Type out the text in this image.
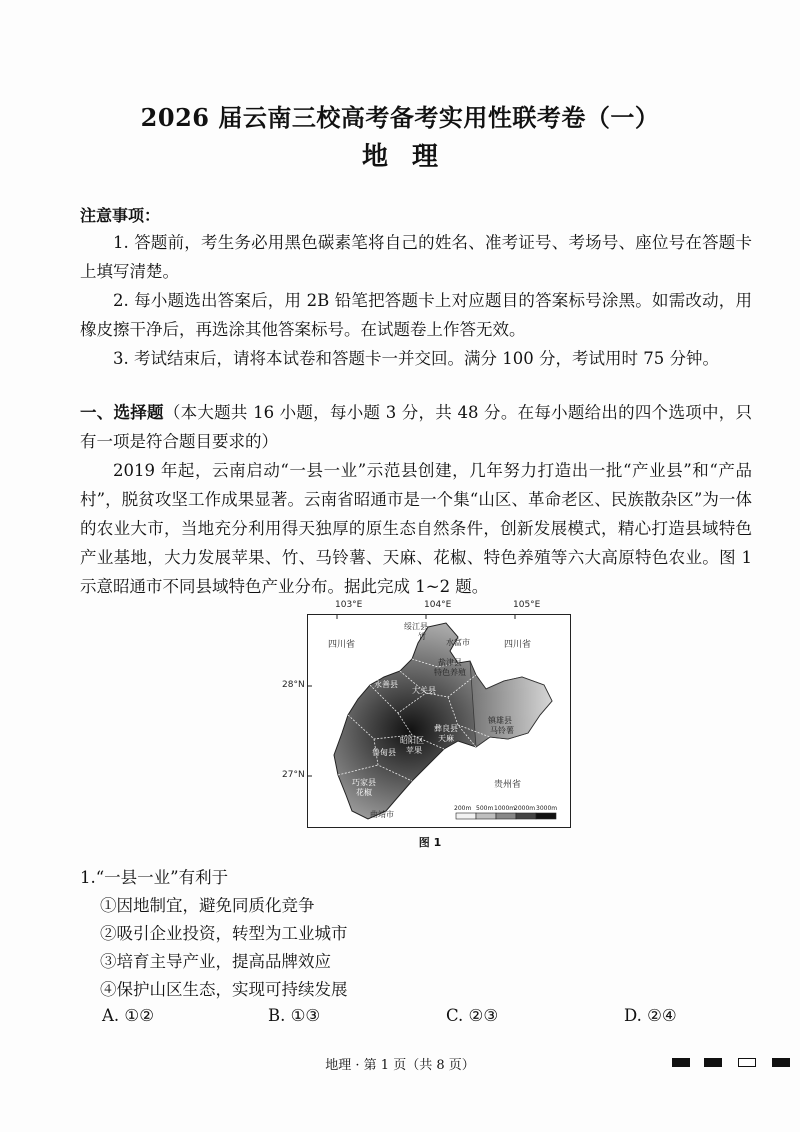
2026 届云南三校高考备考实用性联考卷（一）
地理
注意事项：
1. 答题前，考生务必用黑色碳素笔将自己的姓名、准考证号、考场号、座位号在答题卡上填写清楚。
2. 每小题选出答案后，用 2B 铅笔把答题卡上对应题目的答案标号涂黑。如需改动，用橡皮擦干净后，再选涂其他答案标号。在试题卷上作答无效。
3. 考试结束后，请将本试卷和答题卡一并交回。满分 100 分，考试用时 75 分钟。
一、选择题（本大题共 16 小题，每小题 3 分，共 48 分。在每小题给出的四个选项中，只有一项是符合题目要求的）
2019 年起，云南启动“一县一业”示范县创建，几年努力打造出一批“产业县”和“产品村”，脱贫攻坚工作成果显著。云南省昭通市是一个集“山区、革命老区、民族散杂区”为一体的农业大市，当地充分利用得天独厚的原生态自然条件，创新发展模式，精心打造县域特色产业基地，大力发展苹果、竹、马铃薯、天麻、花椒、特色养殖等六大高原特色农业。图 1 示意昭通市不同县域特色产业分布。据此完成 1~2 题。
103°E	104°E	105°E
28°N
27°N
四川省	四川省
贵州省
曲靖市
绥江县
竹
水富市
盐津县
特色养殖
永善县
大关县
彝良县
天麻
镇雄县
马铃薯
昭阳区
苹果
鲁甸县
巧家县
花椒
200m 500m 1000m
2000m 3000m
图 1
1.“一县一业”有利于
①因地制宜，避免同质化竞争
②吸引企业投资，转型为工业城市
③培育主导产业，提高品牌效应
④保护山区生态，实现可持续发展
A. ①②	B. ①③	C. ②③	D. ②④
地理 · 第 1 页（共 8 页）
